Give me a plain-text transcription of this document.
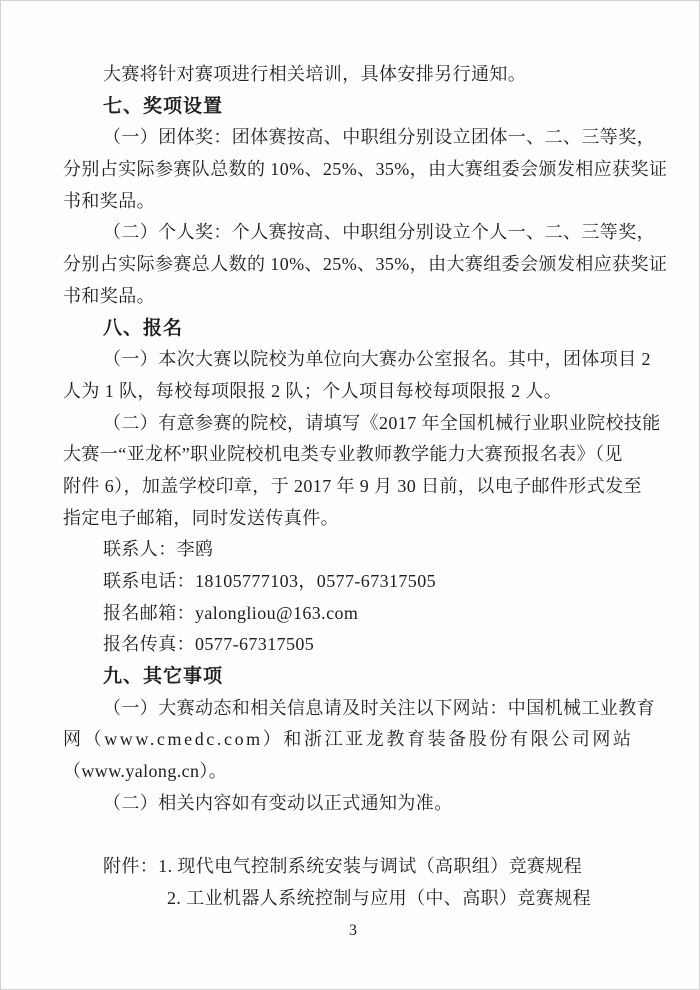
大赛将针对赛项进行相关培训，具体安排另行通知。
七、奖项设置
（一）团体奖：团体赛按高、中职组分别设立团体一、二、三等奖，
分别占实际参赛队总数的 10%、25%、35%，由大赛组委会颁发相应获奖证
书和奖品。
（二）个人奖：个人赛按高、中职组分别设立个人一、二、三等奖，
分别占实际参赛总人数的 10%、25%、35%，由大赛组委会颁发相应获奖证
书和奖品。
八、报名
（一）本次大赛以院校为单位向大赛办公室报名。其中，团体项目 2
人为 1 队，每校每项限报 2 队；个人项目每校每项限报 2 人。
（二）有意参赛的院校，请填写《2017 年全国机械行业职业院校技能
大赛一“亚龙杯”职业院校机电类专业教师教学能力大赛预报名表》（见
附件 6），加盖学校印章，于 2017 年 9 月 30 日前，以电子邮件形式发至
指定电子邮箱，同时发送传真件。
联系人：李鸥
联系电话：18105777103，0577-67317505
报名邮箱：yalongliou@163.com
报名传真：0577-67317505
九、其它事项
（一）大赛动态和相关信息请及时关注以下网站：中国机械工业教育
网（www.cmedc.com）和浙江亚龙教育装备股份有限公司网站
（www.yalong.cn）。
（二）相关内容如有变动以正式通知为准。
附件：1. 现代电气控制系统安装与调试（高职组）竞赛规程
2. 工业机器人系统控制与应用（中、高职）竞赛规程
3
